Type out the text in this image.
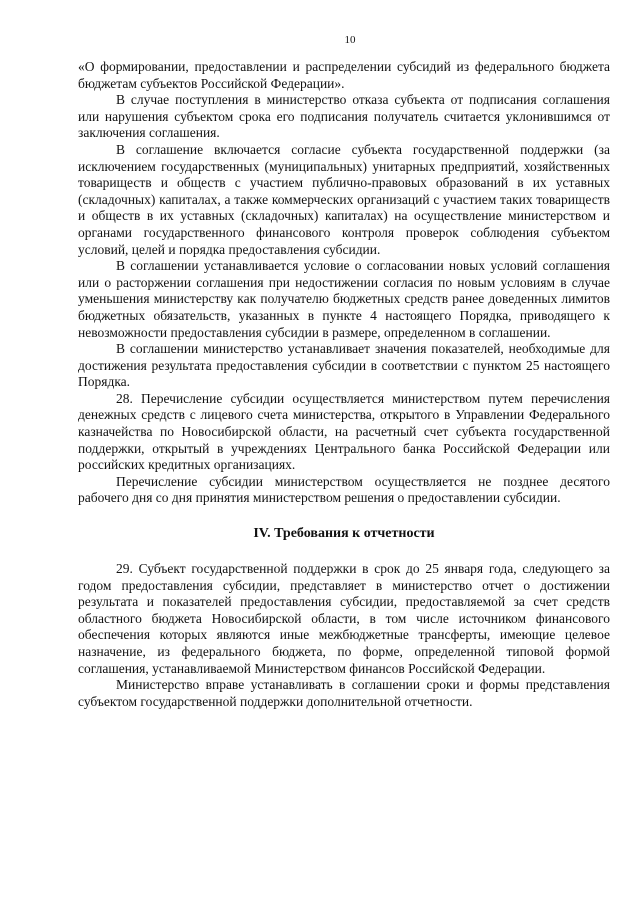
10

«О формировании, предоставлении и распределении субсидий из федерального бюджета бюджетам субъектов Российской Федерации».

В случае поступления в министерство отказа субъекта от подписания соглашения или нарушения субъектом срока его подписания получатель считается уклонившимся от заключения соглашения.

В соглашение включается согласие субъекта государственной поддержки (за исключением государственных (муниципальных) унитарных предприятий, хозяйственных товариществ и обществ с участием публично-правовых образований в их уставных (складочных) капиталах, а также коммерческих организаций с участием таких товариществ и обществ в их уставных (складочных) капиталах) на осуществление министерством и органами государственного финансового контроля проверок соблюдения субъектом условий, целей и порядка предоставления субсидии.

В соглашении устанавливается условие о согласовании новых условий соглашения или о расторжении соглашения при недостижении согласия по новым условиям в случае уменьшения министерству как получателю бюджетных средств ранее доведенных лимитов бюджетных обязательств, указанных в пункте 4 настоящего Порядка, приводящего к невозможности предоставления субсидии в размере, определенном в соглашении.

В соглашении министерство устанавливает значения показателей, необходимые для достижения результата предоставления субсидии в соответствии с пунктом 25 настоящего Порядка.

28. Перечисление субсидии осуществляется министерством путем перечисления денежных средств с лицевого счета министерства, открытого в Управлении Федерального казначейства по Новосибирской области, на расчетный счет субъекта государственной поддержки, открытый в учреждениях Центрального банка Российской Федерации или российских кредитных организациях.

Перечисление субсидии министерством осуществляется не позднее десятого рабочего дня со дня принятия министерством решения о предоставлении субсидии.

IV. Требования к отчетности

29. Субъект государственной поддержки в срок до 25 января года, следующего за годом предоставления субсидии, представляет в министерство отчет о достижении результата и показателей предоставления субсидии, предоставляемой за счет средств областного бюджета Новосибирской области, в том числе источником финансового обеспечения которых являются иные межбюджетные трансферты, имеющие целевое назначение, из федерального бюджета, по форме, определенной типовой формой соглашения, устанавливаемой Министерством финансов Российской Федерации.

Министерство вправе устанавливать в соглашении сроки и формы представления субъектом государственной поддержки дополнительной отчетности.
